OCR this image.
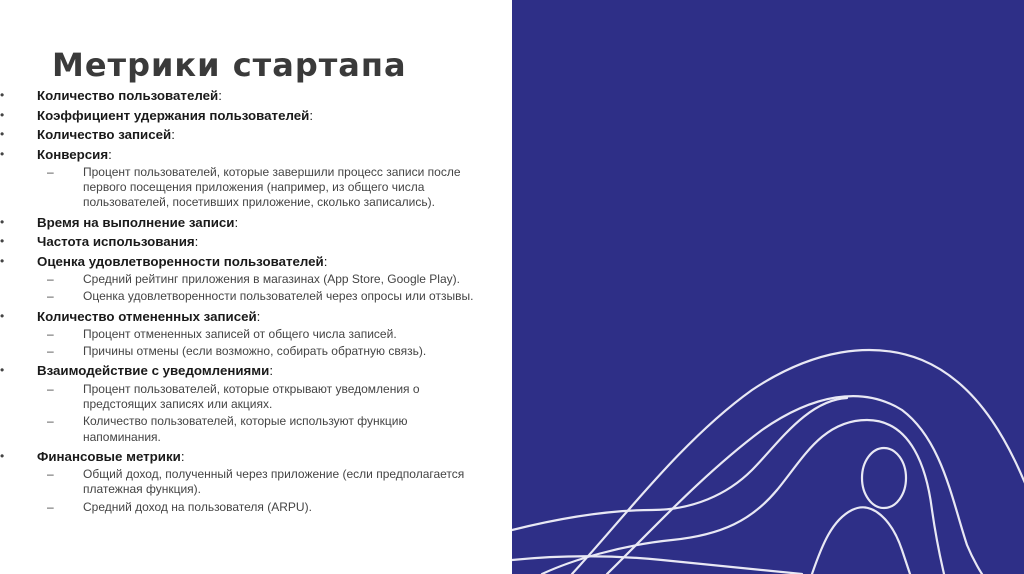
Метрики стартапа
•	Количество пользователей:
•	Коэффициент удержания пользователей:
•	Количество записей:
•	Конверсия:
– Процент пользователей, которые завершили процесс записи после первого посещения приложения (например, из общего числа пользователей, посетивших приложение, сколько записались).
•	Время на выполнение записи:
•	Частота использования:
•	Оценка удовлетворенности пользователей:
– Средний рейтинг приложения в магазинах (App Store, Google Play).
– Оценка удовлетворенности пользователей через опросы или отзывы.
•	Количество отмененных записей:
– Процент отмененных записей от общего числа записей.
– Причины отмены (если возможно, собирать обратную связь).
•	Взаимодействие с уведомлениями:
– Процент пользователей, которые открывают уведомления о предстоящих записях или акциях.
– Количество пользователей, которые используют функцию напоминания.
•	Финансовые метрики:
– Общий доход, полученный через приложение (если предполагается платежная функция).
– Средний доход на пользователя (ARPU).
